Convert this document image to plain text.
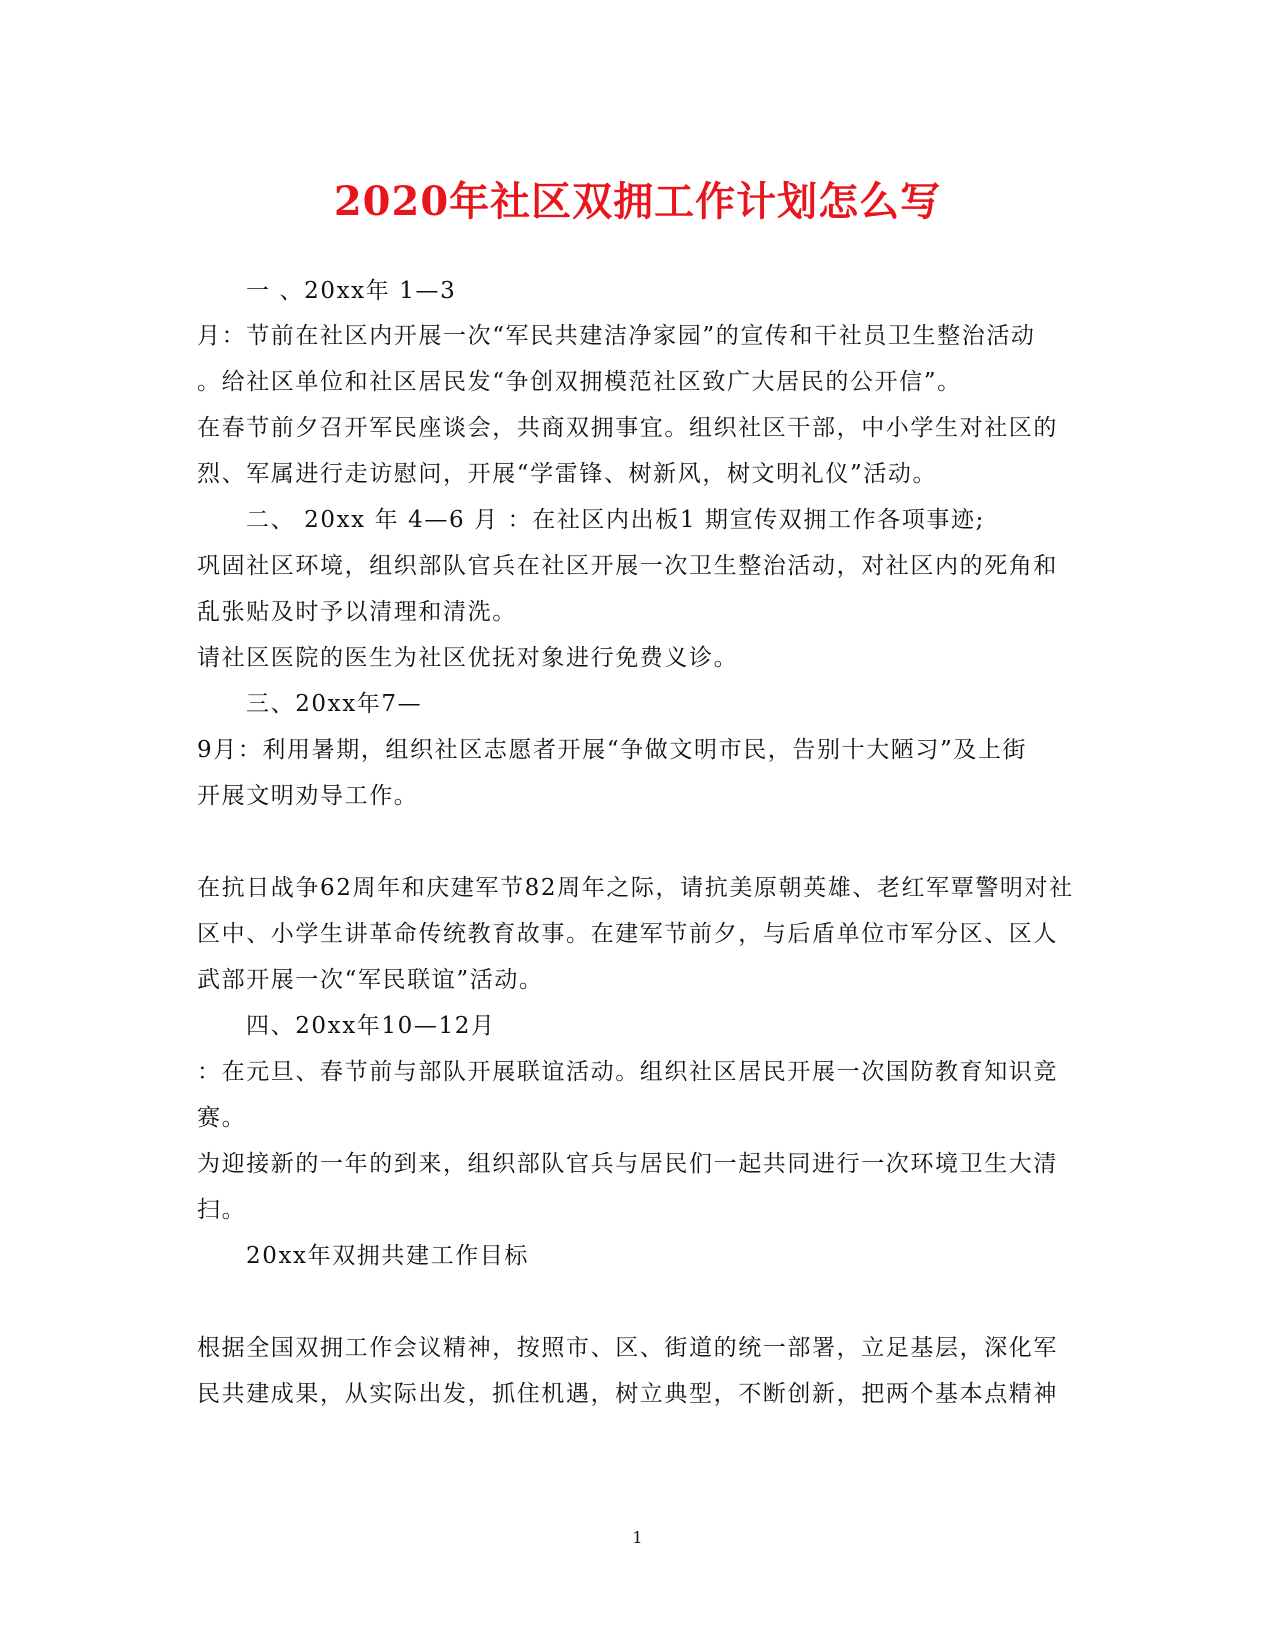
2020年社区双拥工作计划怎么写
一 、20xx年 1—3
月：节前在社区内开展一次“军民共建洁净家园”的宣传和干社员卫生整治活动
。给社区单位和社区居民发“争创双拥模范社区致广大居民的公开信”。
在春节前夕召开军民座谈会，共商双拥事宜。组织社区干部，中小学生对社区的
烈、军属进行走访慰问，开展“学雷锋、树新风，树文明礼仪”活动。
二、 20xx 年 4—6 月 ：在社区内出板1 期宣传双拥工作各项事迹;
巩固社区环境，组织部队官兵在社区开展一次卫生整治活动，对社区内的死角和
乱张贴及时予以清理和清洗。
请社区医院的医生为社区优抚对象进行免费义诊。
三、20xx年7—
9月：利用暑期，组织社区志愿者开展“争做文明市民，告别十大陋习”及上街
开展文明劝导工作。
在抗日战争62周年和庆建军节82周年之际，请抗美原朝英雄、老红军覃警明对社
区中、小学生讲革命传统教育故事。在建军节前夕，与后盾单位市军分区、区人
武部开展一次“军民联谊”活动。
四、20xx年10—12月
：在元旦、春节前与部队开展联谊活动。组织社区居民开展一次国防教育知识竞
赛。
为迎接新的一年的到来，组织部队官兵与居民们一起共同进行一次环境卫生大清
扫。
20xx年双拥共建工作目标
根据全国双拥工作会议精神，按照市、区、街道的统一部署，立足基层，深化军
民共建成果，从实际出发，抓住机遇，树立典型，不断创新，把两个基本点精神
1
